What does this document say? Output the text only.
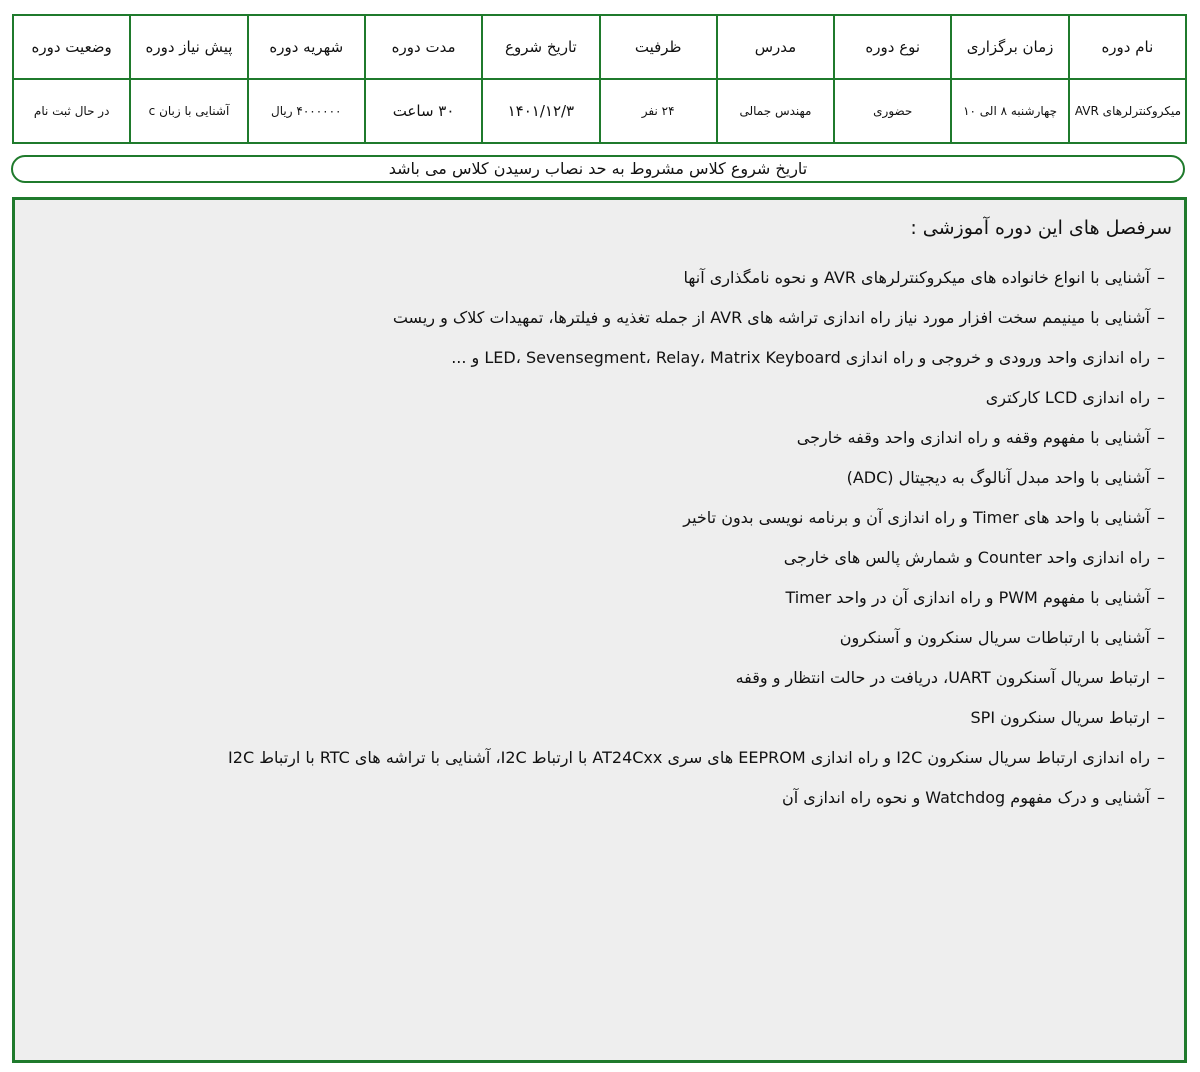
نام دوره	زمان برگزاری	نوع دوره	مدرس	ظرفیت	تاریخ شروع	مدت دوره	شهریه دوره	پیش نیاز دوره	وضعیت دوره
میکروکنترلرهای AVR	چهارشنبه ۸ الی ۱۰	حضوری	مهندس جمالی	۲۴ نفر	۱۴۰۱/۱۲/۳	۳۰ ساعت	۴۰۰۰۰۰۰ ریال	آشنایی با زبان c	در حال ثبت نام
تاریخ شروع کلاس مشروط به حد نصاب رسیدن کلاس می باشد
سرفصل های این دوره آموزشی :
–آشنایی با انواع خانواده های میکروکنترلرهای AVR و نحوه نامگذاری آنها
–آشنایی با مینیمم سخت افزار مورد نیاز راه اندازی تراشه های AVR از جمله تغذیه و فیلترها، تمهیدات کلاک و ریست
–راه اندازی واحد ورودی و خروجی و راه اندازی LED، Sevensegment، Relay، Matrix Keyboard و ...
–راه اندازی LCD کارکتری
–آشنایی با مفهوم وقفه و راه اندازی واحد وقفه خارجی
–آشنایی با واحد مبدل آنالوگ به دیجیتال (ADC)
–آشنایی با واحد های Timer و راه اندازی آن و برنامه نویسی بدون تاخیر
–راه اندازی واحد Counter و شمارش پالس های خارجی
–آشنایی با مفهوم PWM و راه اندازی آن در واحد Timer
–آشنایی با ارتباطات سریال سنکرون و آسنکرون
–ارتباط سریال آسنکرون UART، دریافت در حالت انتظار و وقفه
–ارتباط سریال سنکرون SPI
–راه اندازی ارتباط سریال سنکرون I2C و راه اندازی EEPROM های سری AT24Cxx با ارتباط I2C، آشنایی با تراشه های RTC با ارتباط I2C
–آشنایی و درک مفهوم Watchdog و نحوه راه اندازی آن
